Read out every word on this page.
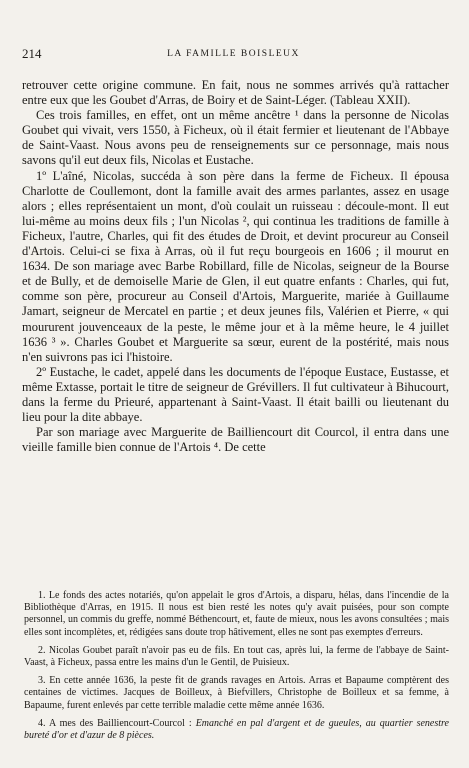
214	LA FAMILLE BOISLEUX

retrouver cette origine commune. En fait, nous ne sommes arrivés qu'à rattacher entre eux que les Goubet d'Arras, de Boiry et de Saint-Léger. (Tableau XXII).

Ces trois familles, en effet, ont un même ancêtre ¹ dans la personne de Nicolas Goubet qui vivait, vers 1550, à Ficheux, où il était fermier et lieutenant de l'Abbaye de Saint-Vaast. Nous avons peu de renseignements sur ce personnage, mais nous savons qu'il eut deux fils, Nicolas et Eustache.

1º L'aîné, Nicolas, succéda à son père dans la ferme de Ficheux. Il épousa Charlotte de Coullemont, dont la famille avait des armes parlantes, assez en usage alors ; elles représentaient un mont, d'où coulait un ruisseau : découle-mont. Il eut lui-même au moins deux fils ; l'un Nicolas ², qui continua les traditions de famille à Ficheux, l'autre, Charles, qui fit des études de Droit, et devint procureur au Conseil d'Artois. Celui-ci se fixa à Arras, où il fut reçu bourgeois en 1606 ; il mourut en 1634. De son mariage avec Barbe Robillard, fille de Nicolas, seigneur de la Bourse et de Bully, et de demoiselle Marie de Glen, il eut quatre enfants : Charles, qui fut, comme son père, procureur au Conseil d'Artois, Marguerite, mariée à Guillaume Jamart, seigneur de Mercatel en partie ; et deux jeunes fils, Valérien et Pierre, « qui moururent jouvenceaux de la peste, le même jour et à la même heure, le 4 juillet 1636 ³ ». Charles Goubet et Marguerite sa sœur, eurent de la postérité, mais nous n'en suivrons pas ici l'histoire.

2º Eustache, le cadet, appelé dans les documents de l'époque Eustace, Eustasse, et même Extasse, portait le titre de seigneur de Grévillers. Il fut cultivateur à Bihucourt, dans la ferme du Prieuré, appartenant à Saint-Vaast. Il était bailli ou lieutenant du lieu pour la dite abbaye.

Par son mariage avec Marguerite de Bailliencourt dit Courcol, il entra dans une vieille famille bien connue de l'Artois ⁴. De cette

1. Le fonds des actes notariés, qu'on appelait le gros d'Artois, a disparu, hélas, dans l'incendie de la Bibliothèque d'Arras, en 1915. Il nous est bien resté les notes qu'y avait puisées, pour son compte personnel, un commis du greffe, nommé Béthencourt, et, faute de mieux, nous les avons consultées ; mais elles sont incomplètes, et, rédigées sans doute trop hâtivement, elles ne sont pas exemptes d'erreurs.

2. Nicolas Goubet paraît n'avoir pas eu de fils. En tout cas, après lui, la ferme de l'abbaye de Saint-Vaast, à Ficheux, passa entre les mains d'un le Gentil, de Puisieux.

3. En cette année 1636, la peste fit de grands ravages en Artois. Arras et Bapaume comptèrent des centaines de victimes. Jacques de Boilleux, à Biefvillers, Christophe de Boilleux et sa femme, à Bapaume, furent enlevés par cette terrible maladie cette même année 1636.

4. A mes des Bailliencourt-Courcol : Emanché en pal d'argent et de gueules, au quartier senestre bureté d'or et d'azur de 8 pièces.
